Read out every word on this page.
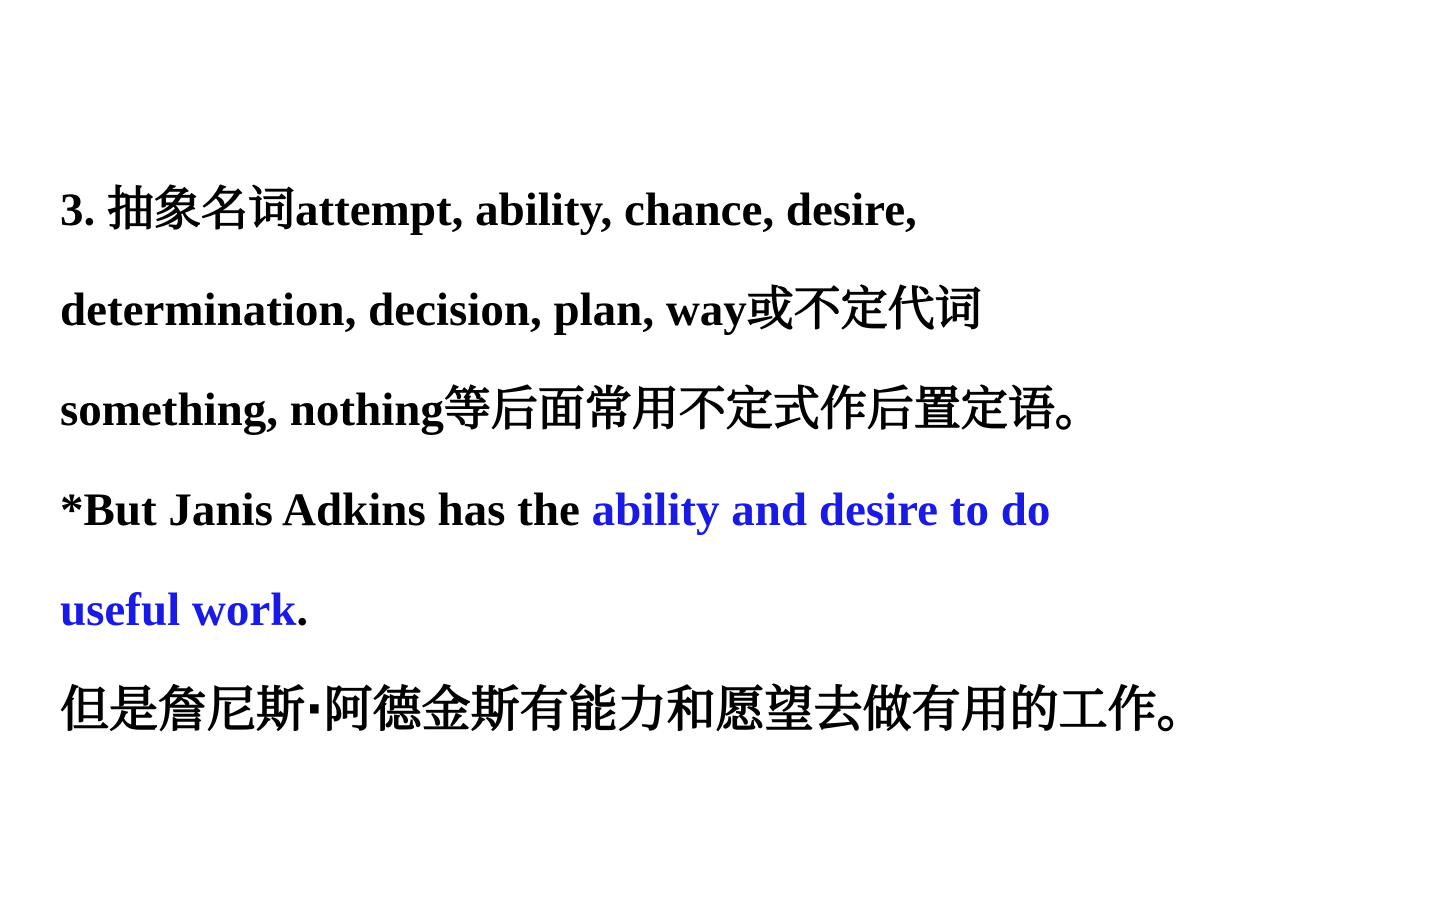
3. 抽象名词attempt, ability, chance, desire,
determination, decision, plan, way或不定代词
something, nothing等后面常用不定式作后置定语。
*But Janis Adkins has the ability and desire to do
useful work.
但是詹尼斯·阿德金斯有能力和愿望去做有用的工作。
